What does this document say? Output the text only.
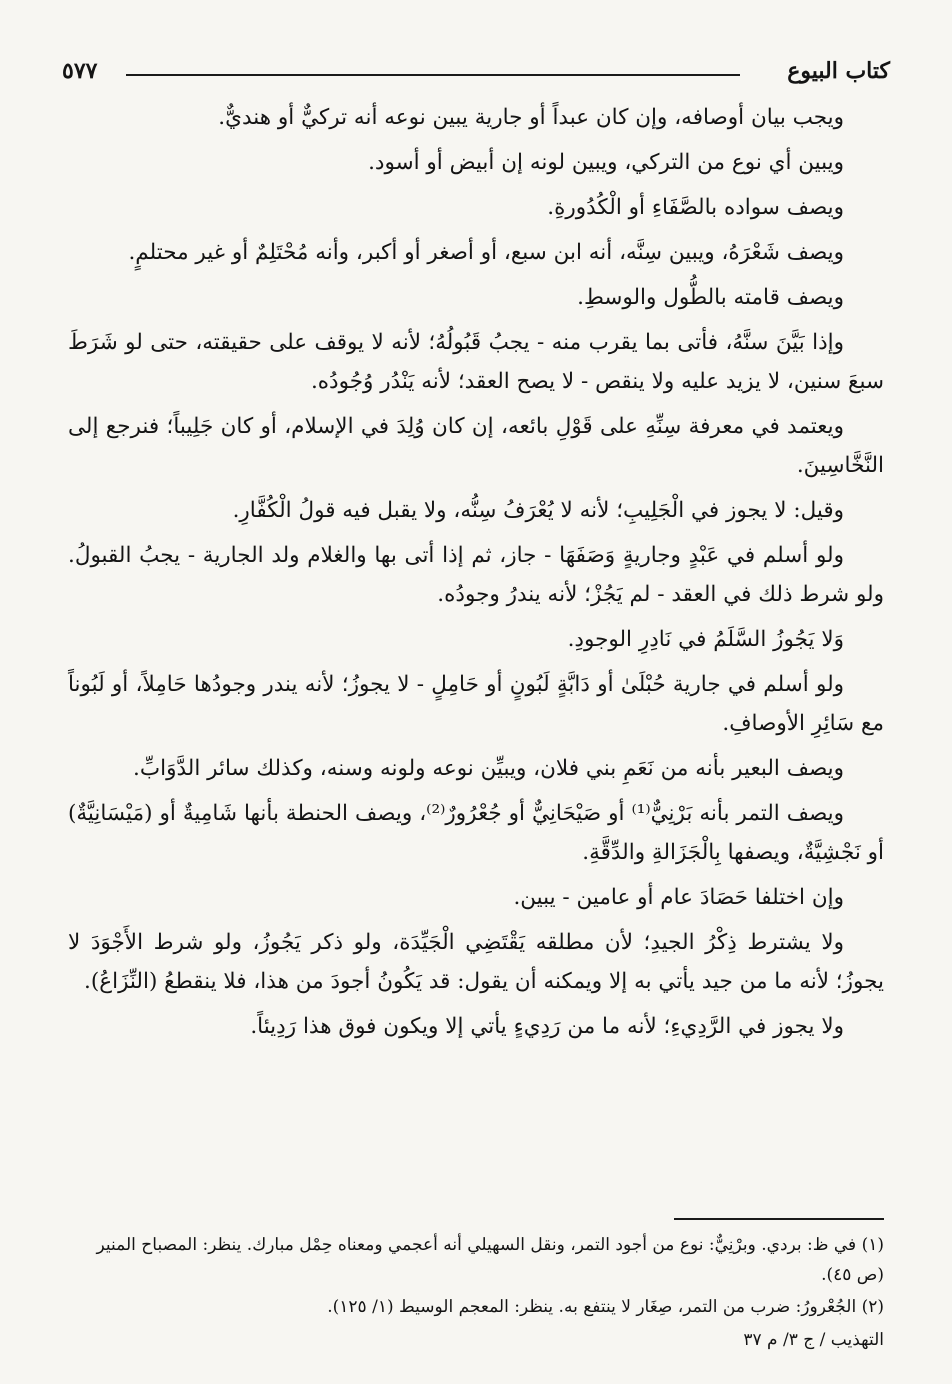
كتاب البيوع
٥٧٧

ويجب بيان أوصافه، وإن كان عبداً أو جارية يبين نوعه أنه تركيٌّ أو هنديٌّ.

ويبين أي نوع من التركي، ويبين لونه إن أبيض أو أسود.

ويصف سواده بالصَّفَاءِ أو الْكُدُورةِ.

ويصف شَعْرَهُ، ويبين سِنَّه، أنه ابن سبع، أو أصغر أو أكبر، وأنه مُحْتَلِمٌ أو غير محتلمٍ.

ويصف قامته بالطُّول والوسطِ.

وإذا بَيَّنَ سنَّهُ، فأتى بما يقرب منه - يجبُ قَبُولُهُ؛ لأنه لا يوقف على حقيقته، حتى لو شَرَطَ سبعَ سنين، لا يزيد عليه ولا ينقص - لا يصح العقد؛ لأنه يَنْدُر وُجُودُه.

ويعتمد في معرفة سِنِّهِ على قَوْلِ بائعه، إن كان وُلِدَ في الإسلام، أو كان جَلِيباً؛ فنرجع إلى النَّخَّاسِينَ.

وقيل: لا يجوز في الْجَلِيبِ؛ لأنه لا يُعْرَفُ سِنُّه، ولا يقبل فيه قولُ الْكُفَّارِ.

ولو أسلم في عَبْدٍ وجاريةٍ وَصَفَهَا - جاز، ثم إذا أتى بها والغلام ولد الجارية - يجبُ القبولُ. ولو شرط ذلك في العقد - لم يَجُزْ؛ لأنه يندرُ وجودُه.

وَلا يَجُوزُ السَّلَمُ في نَادِرِ الوجودِ.

ولو أسلم في جارية حُبْلَىٰ أو دَابَّةٍ لَبُونٍ أو حَامِلٍ - لا يجوزُ؛ لأنه يندر وجودُها حَامِلاً، أو لَبُوناً مع سَائِرِ الأوصافِ.

ويصف البعير بأنه من نَعَمِ بني فلان، ويبيِّن نوعه ولونه وسنه، وكذلك سائر الدَّوَابِّ.

ويصف التمر بأنه بَرْنِيٌّ⁽¹⁾ أو صَيْحَانِيٌّ أو جُعْرُورٌ⁽²⁾، ويصف الحنطة بأنها شَامِيةٌ أو (مَيْسَانِيَّةٌ) أو نَجْشِيَّةٌ، ويصفها بِالْجَزَالةِ والدِّقَّةِ.

وإن اختلفا حَصَادَ عام أو عامين - يبين.

ولا يشترط ذِكْرُ الجيدِ؛ لأن مطلقه يَقْتَضِي الْجَيِّدَة، ولو ذكر يَجُوزُ، ولو شرط الأَجْوَدَ لا يجوزُ؛ لأنه ما من جيد يأتي به إلا ويمكنه أن يقول: قد يَكُونُ أجودَ من هذا، فلا ينقطعُ (النِّزَاعُ).

ولا يجوز في الرَّدِيءِ؛ لأنه ما من رَدِيءٍ يأتي إلا ويكون فوق هذا رَدِيئاً.

(١) في ظ: بردي. وبرْنِيٌّ: نوع من أجود التمر، ونقل السهيلي أنه أعجمي ومعناه حِمْل مبارك. ينظر: المصباح المنير (ص ٤٥).

(٢) الجُعْرورُ: ضرب من التمر، صِغَار لا ينتفع به. ينظر: المعجم الوسيط (١/ ١٢٥).

التهذيب / ج ٣/ م ٣٧
